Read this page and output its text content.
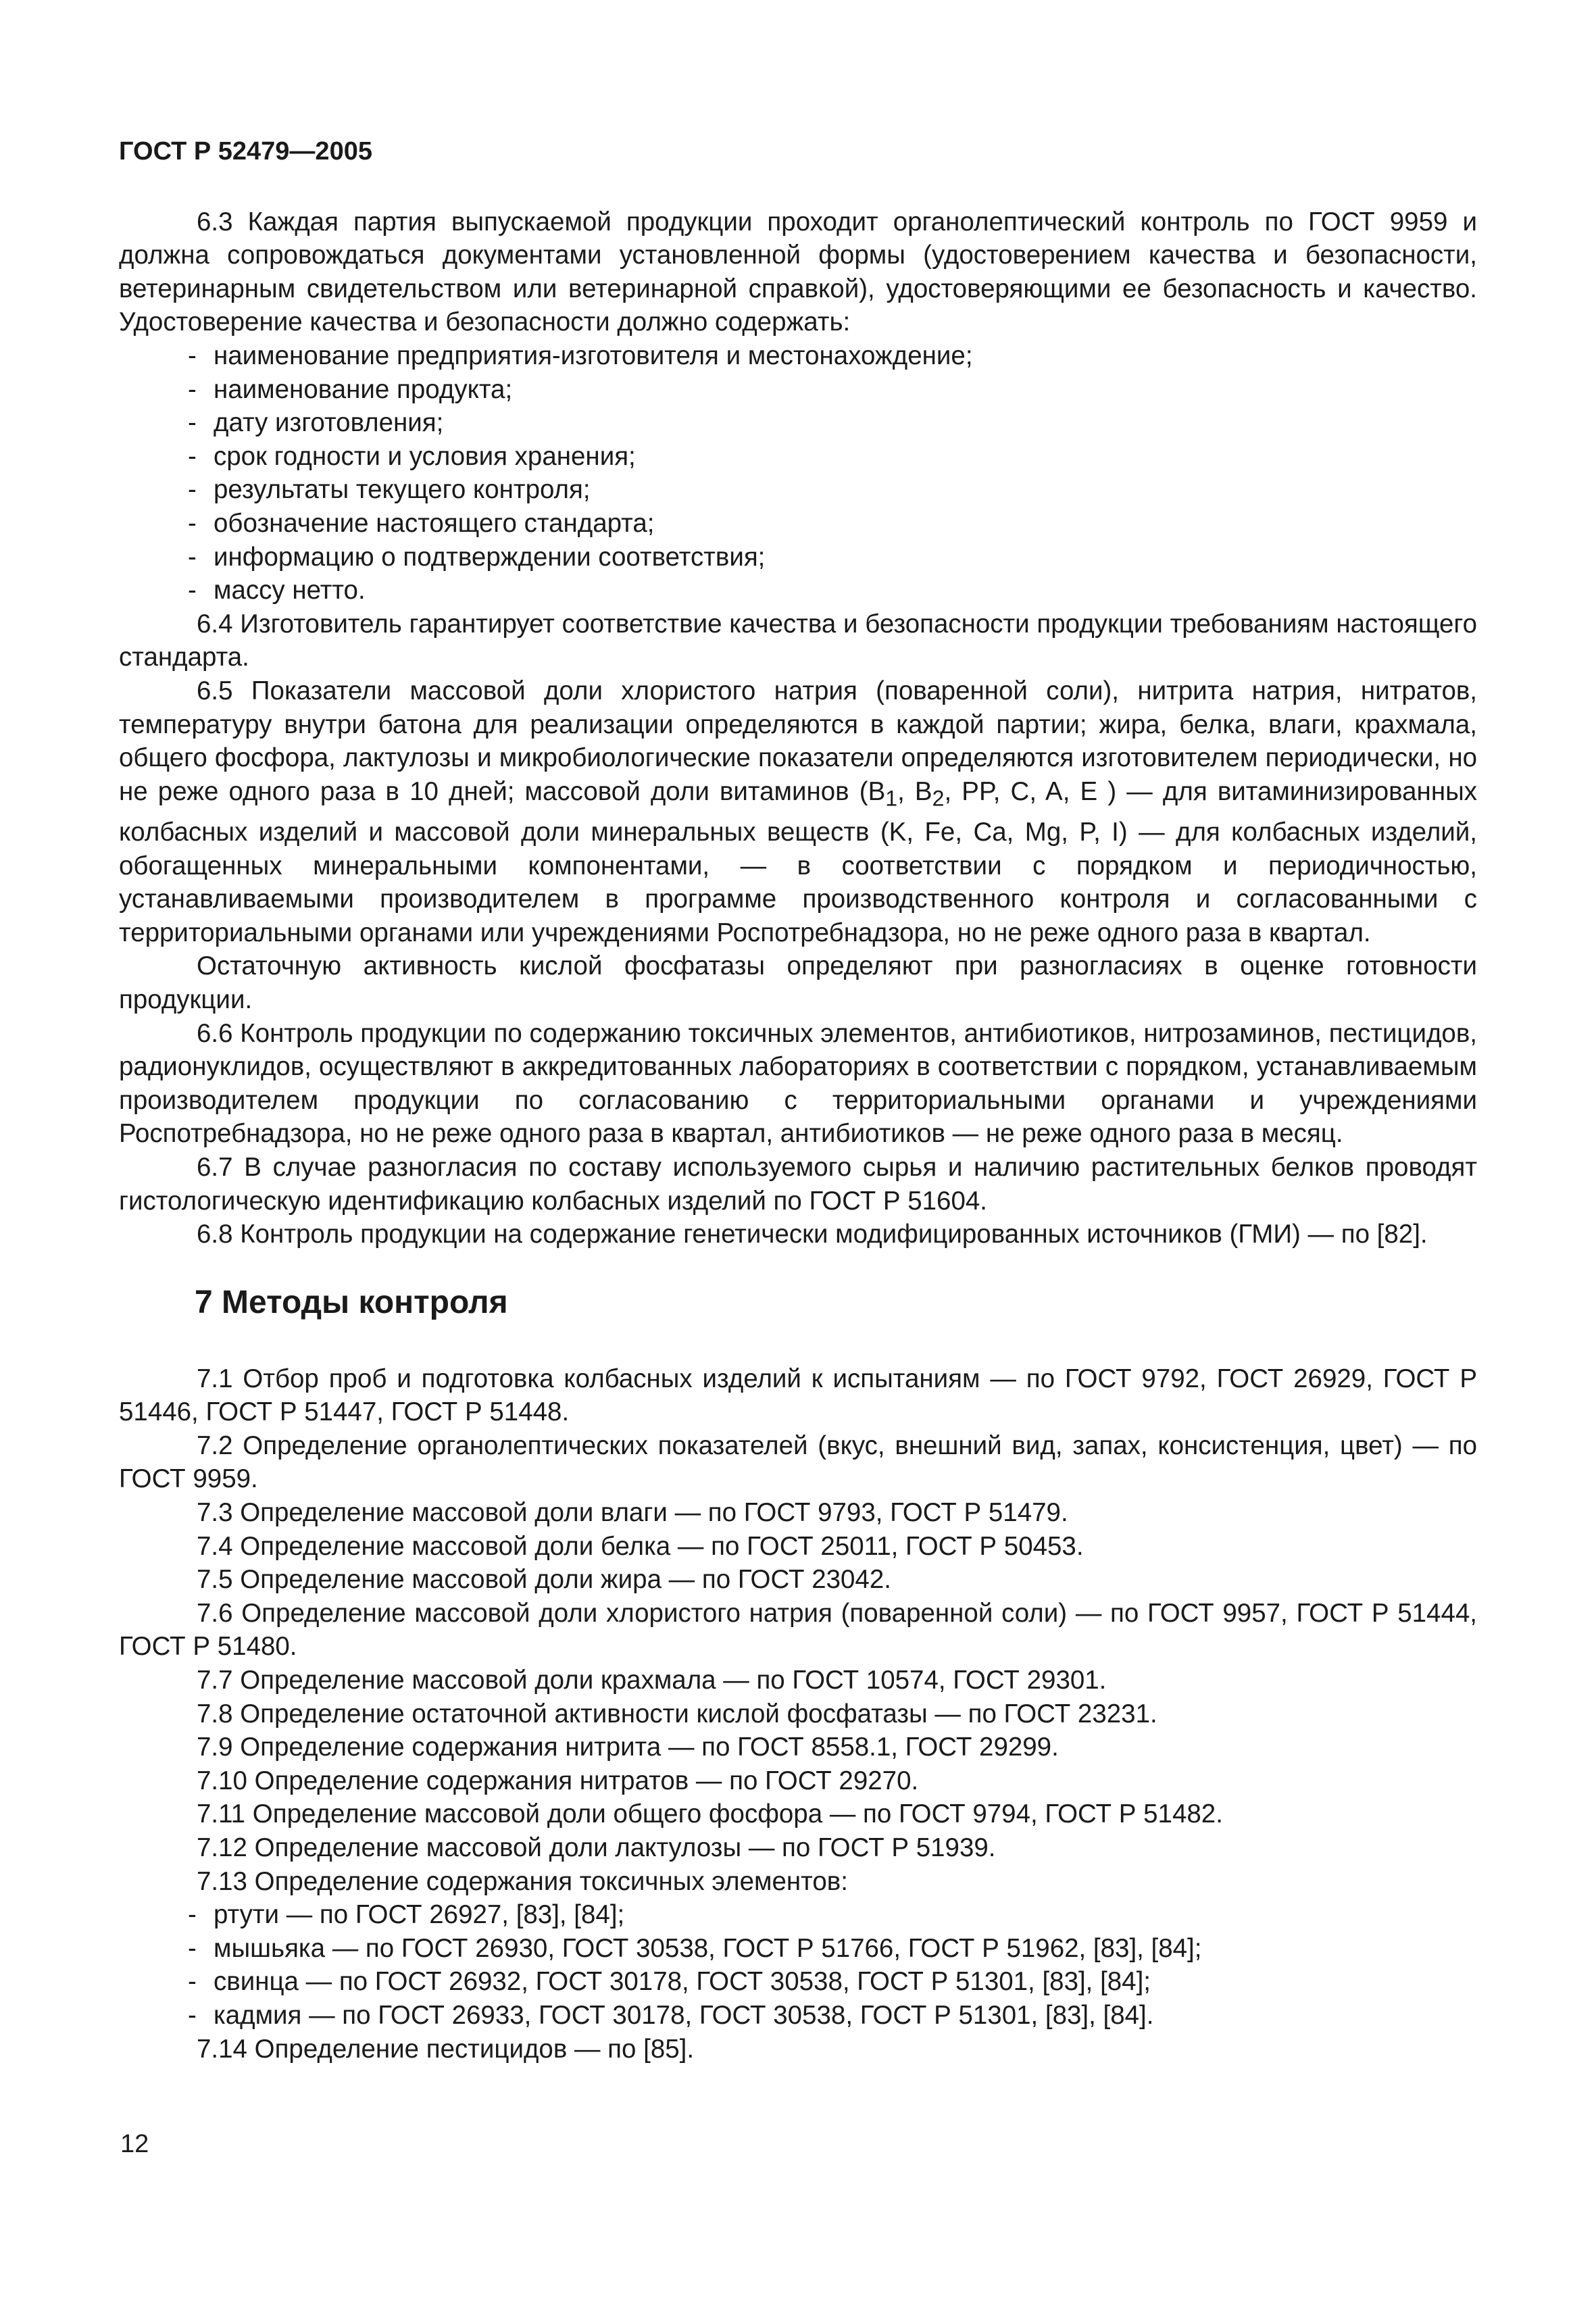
ГОСТ Р 52479—2005

6.3 Каждая партия выпускаемой продукции проходит органолептический контроль по ГОСТ 9959 и должна сопровождаться документами установленной формы (удостоверением качества и безопасности, ветеринарным свидетельством или ветеринарной справкой), удостоверяющими ее безопасность и качество. Удостоверение качества и безопасности должно содержать:

- наименование предприятия-изготовителя и местонахождение;

- наименование продукта;

- дату изготовления;

- срок годности и условия хранения;

- результаты текущего контроля;

- обозначение настоящего стандарта;

- информацию о подтверждении соответствия;

- массу нетто.

6.4 Изготовитель гарантирует соответствие качества и безопасности продукции требованиям настоящего стандарта.

6.5 Показатели массовой доли хлористого натрия (поваренной соли), нитрита натрия, нитратов, температуру внутри батона для реализации определяются в каждой партии; жира, белка, влаги, крахмала, общего фосфора, лактулозы и микробиологические показатели определяются изготовителем периодически, но не реже одного раза в 10 дней; массовой доли витаминов ($B_1$, $B_2$, PP, C, A, E ) — для витаминизированных колбасных изделий и массовой доли минеральных веществ (K, Fe, Ca, Mg, P, I) — для колбасных изделий, обогащенных минеральными компонентами, — в соответствии с порядком и периодичностью, устанавливаемыми производителем в программе производственного контроля и согласованными с территориальными органами или учреждениями Роспотребнадзора, но не реже одного раза в квартал.

Остаточную активность кислой фосфатазы определяют при разногласиях в оценке готовности продукции.

6.6 Контроль продукции по содержанию токсичных элементов, антибиотиков, нитрозаминов, пестицидов, радионуклидов, осуществляют в аккредитованных лабораториях в соответствии с порядком, устанавливаемым производителем продукции по согласованию с территориальными органами и учреждениями Роспотребнадзора, но не реже одного раза в квартал, антибиотиков — не реже одного раза в месяц.

6.7 В случае разногласия по составу используемого сырья и наличию растительных белков проводят гистологическую идентификацию колбасных изделий по ГОСТ Р 51604.

6.8 Контроль продукции на содержание генетически модифицированных источников (ГМИ) — по [82].

7 Методы контроля

7.1 Отбор проб и подготовка колбасных изделий к испытаниям — по ГОСТ 9792, ГОСТ 26929, ГОСТ Р 51446, ГОСТ Р 51447, ГОСТ Р 51448.

7.2 Определение органолептических показателей (вкус, внешний вид, запах, консистенция, цвет) — по ГОСТ 9959.

7.3 Определение массовой доли влаги — по ГОСТ 9793, ГОСТ Р 51479.

7.4 Определение массовой доли белка — по ГОСТ 25011, ГОСТ Р 50453.

7.5 Определение массовой доли жира — по ГОСТ 23042.

7.6 Определение массовой доли хлористого натрия (поваренной соли) — по ГОСТ 9957, ГОСТ Р 51444, ГОСТ Р 51480.

7.7 Определение массовой доли крахмала — по ГОСТ 10574, ГОСТ 29301.

7.8 Определение остаточной активности кислой фосфатазы — по ГОСТ 23231.

7.9 Определение содержания нитрита — по ГОСТ 8558.1, ГОСТ 29299.

7.10 Определение содержания нитратов — по ГОСТ 29270.

7.11 Определение массовой доли общего фосфора — по ГОСТ 9794, ГОСТ Р 51482.

7.12 Определение массовой доли лактулозы — по ГОСТ Р 51939.

7.13 Определение содержания токсичных элементов:

- ртути — по ГОСТ 26927, [83], [84];

- мышьяка — по ГОСТ 26930, ГОСТ 30538, ГОСТ Р 51766, ГОСТ Р 51962, [83], [84];

- свинца — по ГОСТ 26932, ГОСТ 30178, ГОСТ 30538, ГОСТ Р 51301, [83], [84];

- кадмия — по ГОСТ 26933, ГОСТ 30178, ГОСТ 30538, ГОСТ Р 51301, [83], [84].

7.14 Определение пестицидов — по [85].

12
